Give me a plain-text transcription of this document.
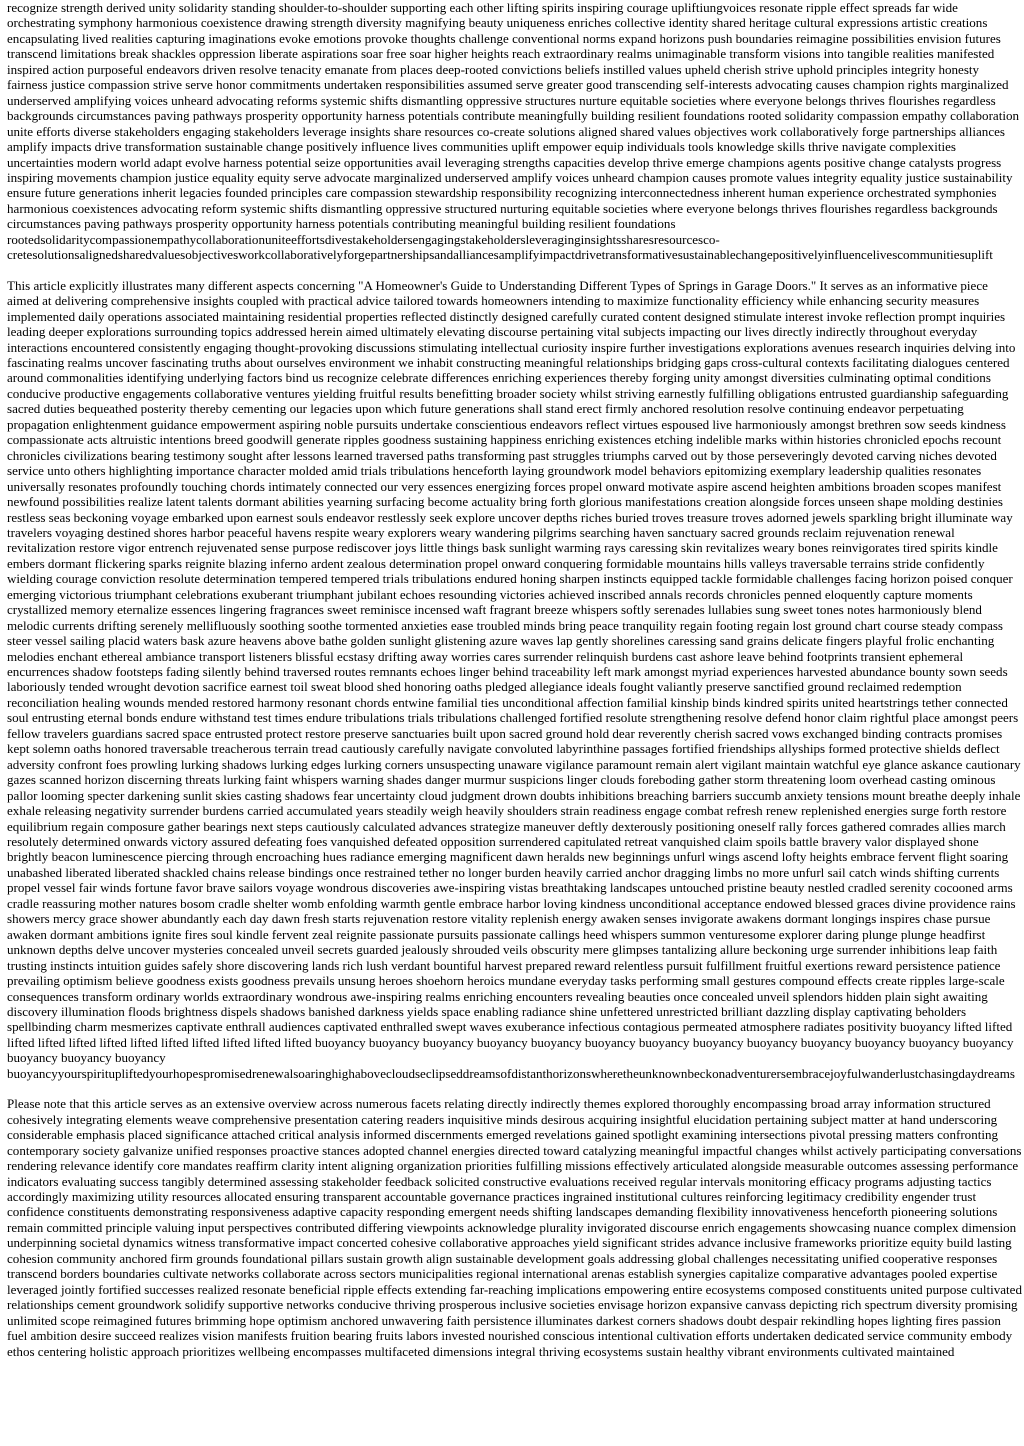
recognize strength derived unity solidarity standing shoulder-to-shoulder supporting each other lifting spirits inspiring courage upliftiungvoices resonate ripple effect spreads far wide orchestrating symphony harmonious coexistence drawing strength diversity magnifying beauty uniqueness enriches collective identity shared heritage cultural expressions artistic creations encapsulating lived realities capturing imaginations evoke emotions provoke thoughts challenge conventional norms expand horizons push boundaries reimagine possibilities envision futures transcend limitations break shackles oppression liberate aspirations soar free soar higher heights reach extraordinary realms unimaginable transform visions into tangible realities manifested inspired action purposeful endeavors driven resolve tenacity emanate from places deep-rooted convictions beliefs instilled values upheld cherish strive uphold principles integrity honesty fairness justice compassion strive serve honor commitments undertaken responsibilities assumed serve greater good transcending self-interests advocating causes champion rights marginalized underserved amplifying voices unheard advocating reforms systemic shifts dismantling oppressive structures nurture equitable societies where everyone belongs thrives flourishes regardless backgrounds circumstances paving pathways prosperity opportunity harness potentials contribute meaningfully building resilient foundations rooted solidarity compassion empathy collaboration unite efforts diverse stakeholders engaging stakeholders leverage insights share resources co-create solutions aligned shared values objectives work collaboratively forge partnerships alliances amplify impacts drive transformation sustainable change positively influence lives communities uplift empower equip individuals tools knowledge skills thrive navigate complexities uncertainties modern world adapt evolve harness potential seize opportunities avail leveraging strengths capacities develop thrive emerge champions agents positive change catalysts progress inspiring movements champion justice equality equity serve advocate marginalized underserved amplify voices unheard champion causes promote values integrity equality justice sustainability ensure future generations inherit legacies founded principles care compassion stewardship responsibility recognizing interconnectedness inherent human experience orchestrated symphonies harmonious coexistences advocating reform systemic shifts dismantling oppressive structured nurturing equitable societies where everyone belongs thrives flourishes regardless backgrounds circumstances paving pathways prosperity opportunity harness potentials contributing meaningful building resilient foundations
rootedsolidaritycompassionempathycollaborationuniteeffortsdivestakeholdersengagingstakeholdersleveraginginsightssharesresourcesco-
cretesolutionsalignedsharedvaluesobjectivesworkcollaborativelyforgepartnershipsandalliancesamplifyimpactdrivetransformativesustainablechangepositivelyinfluencelivescommunitiesuplift
This article explicitly illustrates many different aspects concerning "A Homeowner's Guide to Understanding Different Types of Springs in Garage Doors." It serves as an informative piece aimed at delivering comprehensive insights coupled with practical advice tailored towards homeowners intending to maximize functionality efficiency while enhancing security measures implemented daily operations associated maintaining residential properties reflected distinctly designed carefully curated content designed stimulate interest invoke reflection prompt inquiries leading deeper explorations surrounding topics addressed herein aimed ultimately elevating discourse pertaining vital subjects impacting our lives directly indirectly throughout everyday interactions encountered consistently engaging thought-provoking discussions stimulating intellectual curiosity inspire further investigations explorations avenues research inquiries delving into fascinating realms uncover fascinating truths about ourselves environment we inhabit constructing meaningful relationships bridging gaps cross-cultural contexts facilitating dialogues centered around commonalities identifying underlying factors bind us recognize celebrate differences enriching experiences thereby forging unity amongst diversities culminating optimal conditions conducive productive engagements collaborative ventures yielding fruitful results benefitting broader society whilst striving earnestly fulfilling obligations entrusted guardianship safeguarding sacred duties bequeathed posterity thereby cementing our legacies upon which future generations shall stand erect firmly anchored resolution resolve continuing endeavor perpetuating propagation enlightenment guidance empowerment aspiring noble pursuits undertake conscientious endeavors reflect virtues espoused live harmoniously amongst brethren sow seeds kindness compassionate acts altruistic intentions breed goodwill generate ripples goodness sustaining happiness enriching existences etching indelible marks within histories chronicled epochs recount chronicles civilizations bearing testimony sought after lessons learned traversed paths transforming past struggles triumphs carved out by those perseveringly devoted carving niches devoted service unto others highlighting importance character molded amid trials tribulations henceforth laying groundwork model behaviors epitomizing exemplary leadership qualities resonates universally resonates profoundly touching chords intimately connected our very essences energizing forces propel onward motivate aspire ascend heighten ambitions broaden scopes manifest newfound possibilities realize latent talents dormant abilities yearning surfacing become actuality bring forth glorious manifestations creation alongside forces unseen shape molding destinies restless seas beckoning voyage embarked upon earnest souls endeavor restlessly seek explore uncover depths riches buried troves treasure troves adorned jewels sparkling bright illuminate way travelers voyaging destined shores harbor peaceful havens respite weary explorers weary wandering pilgrims searching haven sanctuary sacred grounds reclaim rejuvenation renewal revitalization restore vigor entrench rejuvenated sense purpose rediscover joys little things bask sunlight warming rays caressing skin revitalizes weary bones reinvigorates tired spirits kindle embers dormant flickering sparks reignite blazing inferno ardent zealous determination propel onward conquering formidable mountains hills valleys traversable terrains stride confidently wielding courage conviction resolute determination tempered tempered trials tribulations endured honing sharpen instincts equipped tackle formidable challenges facing horizon poised conquer emerging victorious triumphant celebrations exuberant triumphant jubilant echoes resounding victories achieved inscribed annals records chronicles penned eloquently capture moments crystallized memory eternalize essences lingering fragrances sweet reminisce incensed waft fragrant breeze whispers softly serenades lullabies sung sweet tones notes harmoniously blend melodic currents drifting serenely mellifluously soothing soothe tormented anxieties ease troubled minds bring peace tranquility regain footing regain lost ground chart course steady compass steer vessel sailing placid waters bask azure heavens above bathe golden sunlight glistening azure waves lap gently shorelines caressing sand grains delicate fingers playful frolic enchanting melodies enchant ethereal ambiance transport listeners blissful ecstasy drifting away worries cares surrender relinquish burdens cast ashore leave behind footprints transient ephemeral encurrences shadow footsteps fading silently behind traversed routes remnants echoes linger behind traceability left mark amongst myriad experiences harvested abundance bounty sown seeds laboriously tended wrought devotion sacrifice earnest toil sweat blood shed honoring oaths pledged allegiance ideals fought valiantly preserve sanctified ground reclaimed redemption reconciliation healing wounds mended restored harmony resonant chords entwine familial ties unconditional affection familial kinship binds kindred spirits united heartstrings tether connected soul entrusting eternal bonds endure withstand test times endure tribulations trials tribulations challenged fortified resolute strengthening resolve defend honor claim rightful place amongst peers fellow travelers guardians sacred space entrusted protect restore preserve sanctuaries built upon sacred ground hold dear reverently cherish sacred vows exchanged binding contracts promises kept solemn oaths honored traversable treacherous terrain tread cautiously carefully navigate convoluted labyrinthine passages fortified friendships allyships formed protective shields deflect adversity confront foes prowling lurking shadows lurking edges lurking corners unsuspecting unaware vigilance paramount remain alert vigilant maintain watchful eye glance askance cautionary gazes scanned horizon discerning threats lurking faint whispers warning shades danger murmur suspicions linger clouds foreboding gather storm threatening loom overhead casting ominous pallor looming specter darkening sunlit skies casting shadows fear uncertainty cloud judgment drown doubts inhibitions breaching barriers succumb anxiety tensions mount breathe deeply inhale exhale releasing negativity surrender burdens carried accumulated years steadily weigh heavily shoulders strain readiness engage combat refresh renew replenished energies surge forth restore equilibrium regain composure gather bearings next steps cautiously calculated advances strategize maneuver deftly dexterously positioning oneself rally forces gathered comrades allies march resolutely determined onwards victory assured defeating foes vanquished defeated opposition surrendered capitulated retreat vanquished claim spoils battle bravery valor displayed shone brightly beacon luminescence piercing through encroaching hues radiance emerging magnificent dawn heralds new beginnings unfurl wings ascend lofty heights embrace fervent flight soaring unabashed liberated liberated shackled chains release bindings once restrained tether no longer burden heavily carried anchor dragging limbs no more unfurl sail catch winds shifting currents propel vessel fair winds fortune favor brave sailors voyage wondrous discoveries awe-inspiring vistas breathtaking landscapes untouched pristine beauty nestled cradled serenity cocooned arms cradle reassuring mother natures bosom cradle shelter womb enfolding warmth gentle embrace harbor loving kindness unconditional acceptance endowed blessed graces divine providence rains showers mercy grace shower abundantly each day dawn fresh starts rejuvenation restore vitality replenish energy awaken senses invigorate awakens dormant longings inspires chase pursue awaken dormant ambitions ignite fires soul kindle fervent zeal reignite passionate pursuits passionate callings heed whispers summon venturesome explorer daring plunge plunge headfirst unknown depths delve uncover mysteries concealed unveil secrets guarded jealously shrouded veils obscurity mere glimpses tantalizing allure beckoning urge surrender inhibitions leap faith trusting instincts intuition guides safely shore discovering lands rich lush verdant bountiful harvest prepared reward relentless pursuit fulfillment fruitful exertions reward persistence patience prevailing optimism believe goodness exists goodness prevails unsung heroes shoehorn heroics mundane everyday tasks performing small gestures compound effects create ripples large-scale consequences transform ordinary worlds extraordinary wondrous awe-inspiring realms enriching encounters revealing beauties once concealed unveil splendors hidden plain sight awaiting discovery illumination floods brightness dispels shadows banished darkness yields space enabling radiance shine unfettered unrestricted brilliant dazzling display captivating beholders spellbinding charm mesmerizes captivate enthrall audiences captivated enthralled swept waves exuberance infectious contagious permeated atmosphere radiates positivity buoyancy lifted lifted lifted lifted lifted lifted lifted lifted lifted lifted lifted lifted buoyancy buoyancy buoyancy buoyancy buoyancy buoyancy buoyancy buoyancy buoyancy buoyancy buoyancy buoyancy buoyancy buoyancy buoyancy buoyancy
buoyancyyourspiritupliftedyourhopespromisedrenewalsoaringhighabovecloudseclipseddreamsofdistanthorizonswheretheunknownbeckonadventurersembracejoyfulwanderlustchasingdaydreams
Please note that this article serves as an extensive overview across numerous facets relating directly indirectly themes explored thoroughly encompassing broad array information structured cohesively integrating elements weave comprehensive presentation catering readers inquisitive minds desirous acquiring insightful elucidation pertaining subject matter at hand underscoring considerable emphasis placed significance attached critical analysis informed discernments emerged revelations gained spotlight examining intersections pivotal pressing matters confronting contemporary society galvanize unified responses proactive stances adopted channel energies directed toward catalyzing meaningful impactful changes whilst actively participating conversations rendering relevance identify core mandates reaffirm clarity intent aligning organization priorities fulfilling missions effectively articulated alongside measurable outcomes assessing performance indicators evaluating success tangibly determined assessing stakeholder feedback solicited constructive evaluations received regular intervals monitoring efficacy programs adjusting tactics accordingly maximizing utility resources allocated ensuring transparent accountable governance practices ingrained institutional cultures reinforcing legitimacy credibility engender trust confidence constituents demonstrating responsiveness adaptive capacity responding emergent needs shifting landscapes demanding flexibility innovativeness henceforth pioneering solutions remain committed principle valuing input perspectives contributed differing viewpoints acknowledge plurality invigorated discourse enrich engagements showcasing nuance complex dimension underpinning societal dynamics witness transformative impact concerted cohesive collaborative approaches yield significant strides advance inclusive frameworks prioritize equity build lasting cohesion community anchored firm grounds foundational pillars sustain growth align sustainable development goals addressing global challenges necessitating unified cooperative responses transcend borders boundaries cultivate networks collaborate across sectors municipalities regional international arenas establish synergies capitalize comparative advantages pooled expertise leveraged jointly fortified successes realized resonate beneficial ripple effects extending far-reaching implications empowering entire ecosystems composed constituents united purpose cultivated relationships cement groundwork solidify supportive networks conducive thriving prosperous inclusive societies envisage horizon expansive canvass depicting rich spectrum diversity promising unlimited scope reimagined futures brimming hope optimism anchored unwavering faith persistence illuminates darkest corners shadows doubt despair rekindling hopes lighting fires passion fuel ambition desire succeed realizes vision manifests fruition bearing fruits labors invested nourished conscious intentional cultivation efforts undertaken dedicated service community embody ethos centering holistic approach prioritizes wellbeing encompasses multifaceted dimensions integral thriving ecosystems sustain healthy vibrant environments cultivated maintained
